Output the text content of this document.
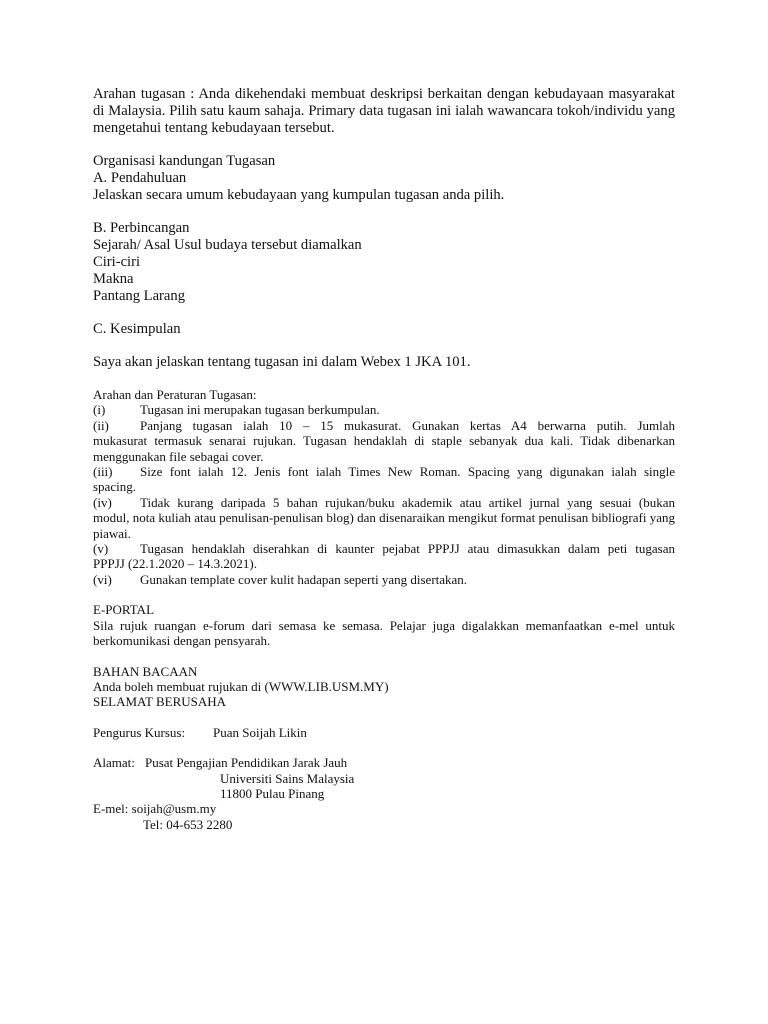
Arahan tugasan : Anda dikehendaki membuat deskripsi berkaitan dengan kebudayaan masyarakat di Malaysia. Pilih satu kaum sahaja. Primary data tugasan ini ialah wawancara tokoh/individu yang mengetahui tentang kebudayaan tersebut.

Organisasi kandungan Tugasan

A. Pendahuluan

Jelaskan secara umum kebudayaan yang kumpulan tugasan anda pilih.

B. Perbincangan

Sejarah/ Asal Usul budaya tersebut diamalkan

Ciri-ciri

Makna

Pantang Larang

C. Kesimpulan

Saya akan jelaskan tentang tugasan ini dalam Webex 1 JKA 101.

Arahan dan Peraturan Tugasan:

(i)	Tugasan ini merupakan tugasan berkumpulan.
(ii)	Panjang tugasan ialah 10 – 15 mukasurat. Gunakan kertas A4 berwarna putih. Jumlah
mukasurat termasuk senarai rujukan. Tugasan hendaklah di staple sebanyak dua kali. Tidak dibenarkan menggunakan file sebagai cover.
(iii)	Size font ialah 12. Jenis font ialah Times New Roman. Spacing yang digunakan ialah single
spacing.
(iv)	Tidak kurang daripada 5 bahan rujukan/buku akademik atau artikel jurnal yang sesuai (bukan
modul, nota kuliah atau penulisan-penulisan blog) dan disenaraikan mengikut format penulisan bibliografi yang piawai.
(v)	Tugasan hendaklah diserahkan di kaunter pejabat PPPJJ atau dimasukkan dalam peti tugasan
PPPJJ (22.1.2020 – 14.3.2021).
(vi)	Gunakan template cover kulit hadapan seperti yang disertakan.

E-PORTAL

Sila rujuk ruangan e-forum dari semasa ke semasa. Pelajar juga digalakkan memanfaatkan e-mel untuk berkomunikasi dengan pensyarah.

BAHAN BACAAN

Anda boleh membuat rujukan di (WWW.LIB.USM.MY)

SELAMAT BERUSAHA

Pengurus Kursus:	Puan Soijah Likin
Alamat: Pusat Pengajian Pendidikan Jarak Jauh

Universiti Sains Malaysia

11800 Pulau Pinang

E-mel:
soijah@usm.my

Tel: 04-653 2280
